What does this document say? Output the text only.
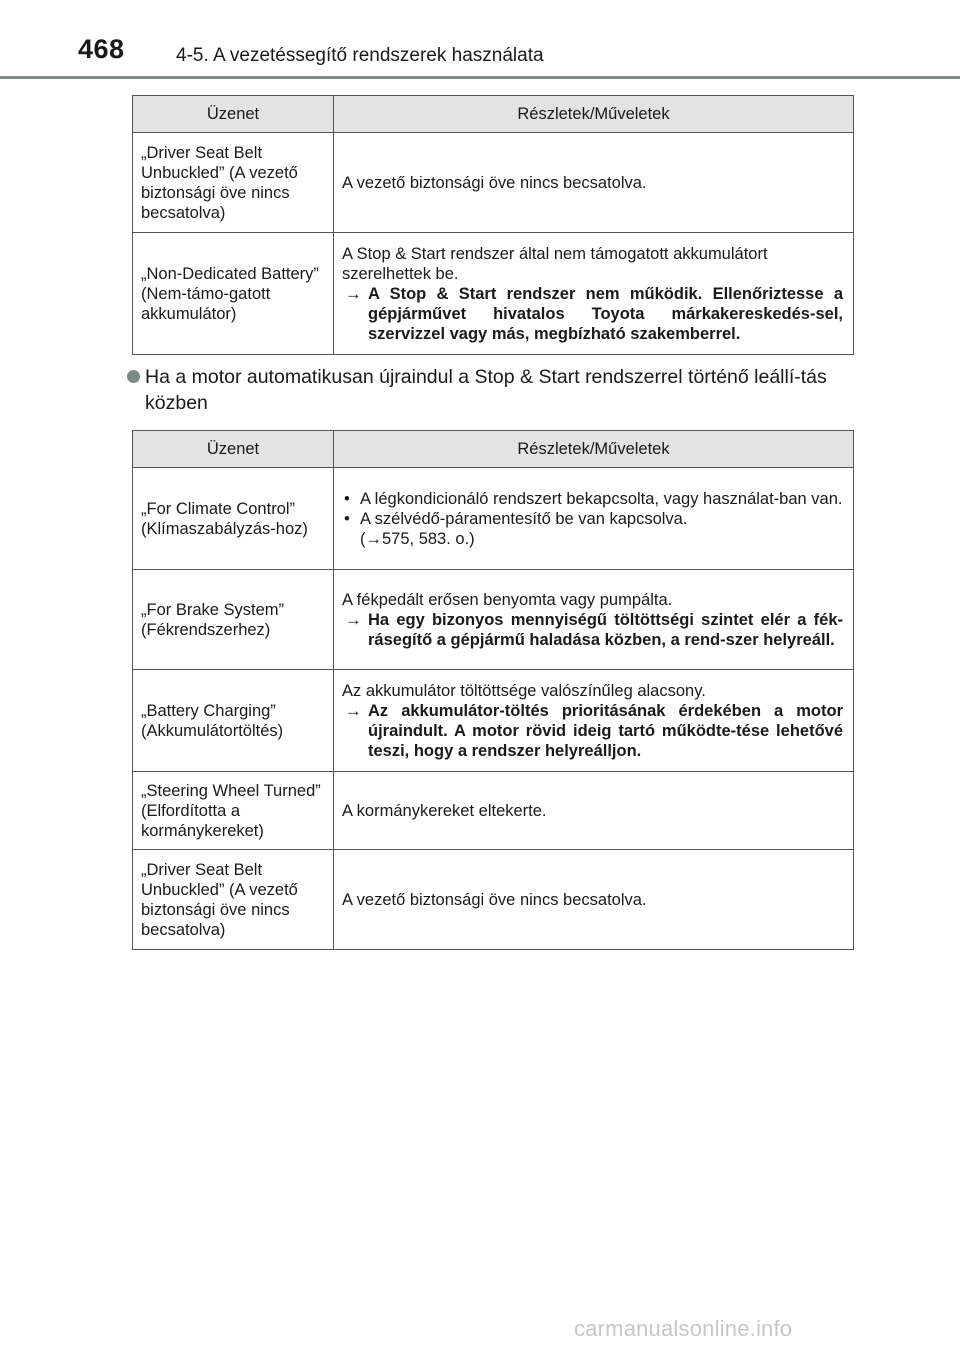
468	4-5. A vezetéssegítő rendszerek használata
Üzenet	Részletek/Műveletek
„Driver Seat Belt Unbuckled” (A vezető biztonsági öve nincs becsatolva)	A vezető biztonsági öve nincs becsatolva.
„Non-Dedicated Battery” (Nem-támo-gatott akkumulátor)	A Stop & Start rendszer által nem támogatott akkumulátort szerelhettek be.
→ A Stop & Start rendszer nem működik. Ellenőriztesse a gépjárművet hivatalos Toyota márkakereskedés-sel, szervizzel vagy más, megbízható szakemberrel.
Ha a motor automatikusan újraindul a Stop & Start rendszerrel történő leállí-tás közben
Üzenet	Részletek/Műveletek
„For Climate Control” (Klímaszabályzás-hoz)	• A légkondicionáló rendszert bekapcsolta, vagy használat-ban van.
• A szélvédő-páramentesítő be van kapcsolva.
(→575, 583. o.)

„For Brake System” (Fékrendszerhez)	A fékpedált erősen benyomta vagy pumpálta.
→ Ha egy bizonyos mennyiségű töltöttségi szintet elér a fék-rásegítő a gépjármű haladása közben, a rend-szer helyreáll.

„Battery Charging” (Akkumulátortöltés)	Az akkumulátor töltöttsége valószínűleg alacsony.
→ Az akkumulátor-töltés prioritásának érdekében a motor újraindult. A motor rövid ideig tartó működte-tése lehetővé teszi, hogy a rendszer helyreálljon.

„Steering Wheel Turned” (Elfordította a kormánykereket)	A kormánykereket eltekerte.
„Driver Seat Belt Unbuckled” (A vezető biztonsági öve nincs becsatolva)	A vezető biztonsági öve nincs becsatolva.
carmanualsonline.info
